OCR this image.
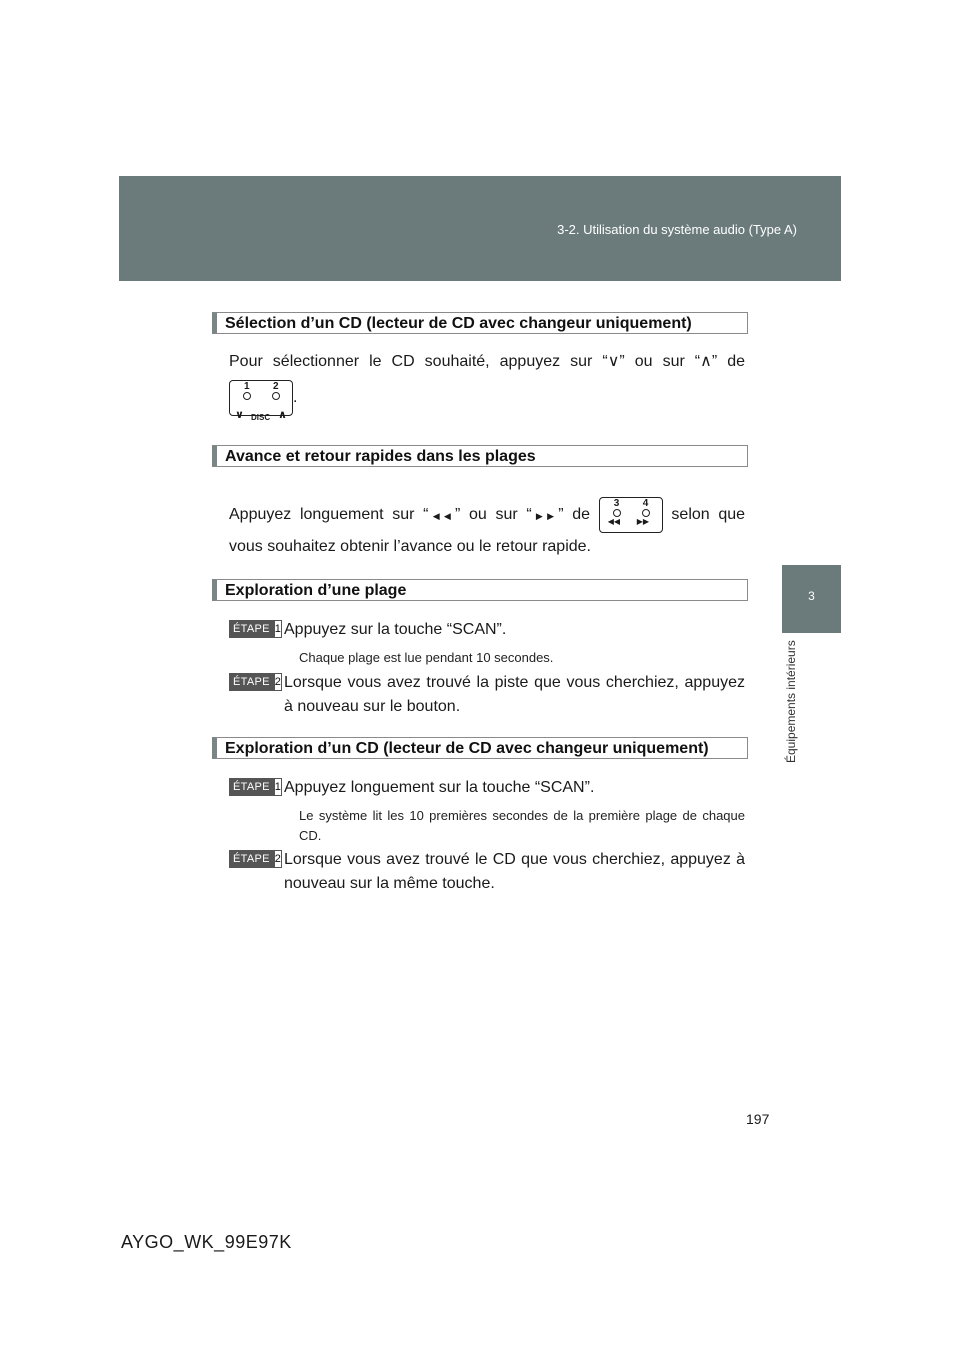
3-2. Utilisation du système audio (Type A)
3
Équipements intérieurs
Sélection d’un CD (lecteur de CD avec changeur uniquement)
Pour sélectionner le CD souhaité, appuyez sur “∨” ou sur “∧” de
1 2
∨ DISC ∧
.
Avance et retour rapides dans les plages
Appuyez longuement sur “◀◀” ou sur “▶▶” de
3 4
◀◀ ▶▶ selon que
vous souhaitez obtenir l’avance ou le retour rapide.
Exploration d’une plage
ÉTAPE 1 Appuyez sur la touche “SCAN”.
Chaque plage est lue pendant 10 secondes.
ÉTAPE 2 Lorsque vous avez trouvé la piste que vous cherchiez, appuyez à nouveau sur le bouton.
Exploration d’un CD (lecteur de CD avec changeur uniquement)
ÉTAPE 1 Appuyez longuement sur la touche “SCAN”.
Le système lit les 10 premières secondes de la première plage de chaque CD.
ÉTAPE 2 Lorsque vous avez trouvé le CD que vous cherchiez, appuyez à nouveau sur la même touche.
197
AYGO_WK_99E97K
